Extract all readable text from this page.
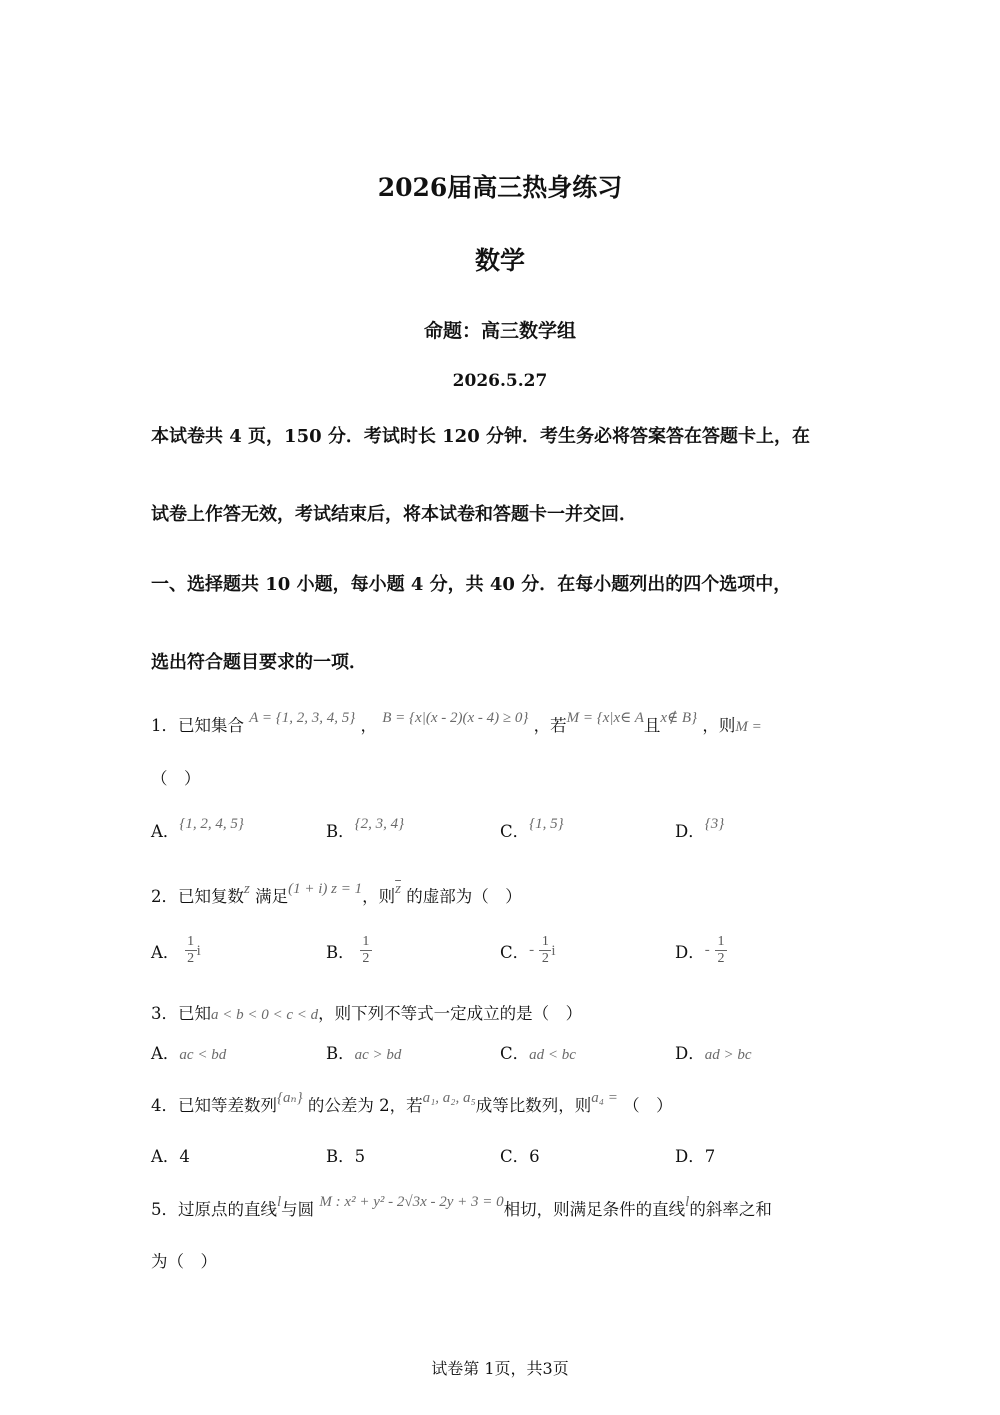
2026届高三热身练习
数学
命题：高三数学组
2026.5.27
本试卷共 4 页，150 分．考试时长 120 分钟．考生务必将答案答在答题卡上，在
试卷上作答无效，考试结束后，将本试卷和答题卡一并交回．
一、选择题共 10 小题，每小题 4 分，共 40 分．在每小题列出的四个选项中，
选出符合题目要求的一项．
1．已知集合 A = {1, 2, 3, 4, 5} ， B = {x|(x - 2)(x - 4) ≥ 0} ，若M = {x|x∈ A且x∉ B} ，则M =
（　）
A．{1, 2, 4, 5}	B．{2, 3, 4}	C．{1, 5}	D．{3}
2．已知复数z 满足(1 + i) z = 1，则$\overline{z}$ 的虚部为（　）
A． $\frac{1}{2}$ i	B． $\frac{1}{2}$	C．- $\frac{1}{2}$ i	D．- $\frac{1}{2}$
3．已知a < b < 0 < c < d，则下列不等式一定成立的是（　）
A．ac < bd	B．ac > bd	C．ad < bc	D．ad > bc
4．已知等差数列{aₙ} 的公差为 2，若a₁, a₂, a₅成等比数列，则a₄ = （　）
A．4	B．5	C．6	D．7
5．过原点的直线l与圆 M : x² + y² - 2√3x - 2y + 3 = 0相切，则满足条件的直线l的斜率之和
为（　）
试卷第 1页，共3页
